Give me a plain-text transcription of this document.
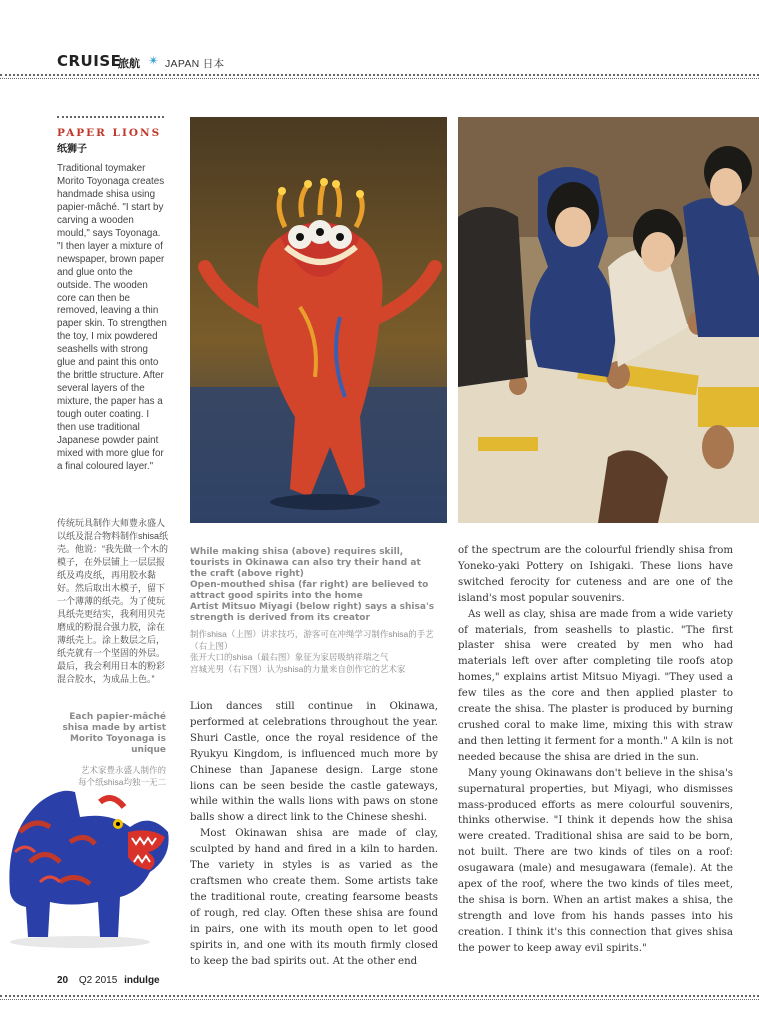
CRUISE
旅航 ✴ JAPAN 日本
PAPER LIONS
纸狮子
Traditional toymaker Morito Toyonaga creates handmade shisa using papier-mâché. "I start by carving a wooden mould," says Toyonaga. "I then layer a mixture of newspaper, brown paper and glue onto the outside. The wooden core can then be removed, leaving a thin paper skin. To strengthen the toy, I mix powdered seashells with strong glue and paint this onto the brittle structure. After several layers of the mixture, the paper has a tough outer coating. I then use traditional Japanese powder paint mixed with more glue for a final coloured layer."
传统玩具制作大师豊永盛人以纸及混合物料制作shisa纸壳。他说：“我先做一个木的模子，在外层铺上一层层报纸及鸡皮纸，再用胶水黏好。然后取出木模子，留下一个薄薄的纸壳。为了使玩具纸壳更结实，我利用贝壳磨成的粉混合强力胶，涂在薄纸壳上。涂上数层之后，纸壳就有一个坚固的外层。最后，我会利用日本的粉彩混合胶水，为成品上色。”
Each papier-mâché shisa made by artist Morito Toyonaga is unique
艺术家豊永盛人制作的每个纸shisa均独一无二
While making shisa (above) requires skill, tourists in Okinawa can also try their hand at the craft (above right)
Open-mouthed shisa (far right) are believed to attract good spirits into the home
Artist Mitsuo Miyagi (below right) says a shisa's strength is derived from its creator
制作shisa（上图）讲求技巧，游客可在冲绳学习制作shisa的手艺（右上图）
张开大口的shisa（最右图）象征为家居吸纳祥瑞之气
宫城光男（右下图）认为shisa的力量来自创作它的艺术家

Lion dances still continue in Okinawa, performed at celebrations throughout the year. Shuri Castle, once the royal residence of the Ryukyu Kingdom, is influenced much more by Chinese than Japanese design. Large stone lions can be seen beside the castle gateways, while within the walls lions with paws on stone balls show a direct link to the Chinese sheshi.

Most Okinawan shisa are made of clay, sculpted by hand and fired in a kiln to harden. The variety in styles is as varied as the craftsmen who create them. Some artists take the traditional route, creating fearsome beasts of rough, red clay. Often these shisa are found in pairs, one with its mouth open to let good spirits in, and one with its mouth firmly closed to keep the bad spirits out. At the other end

of the spectrum are the colourful friendly shisa from Yoneko-yaki Pottery on Ishigaki. These lions have switched ferocity for cuteness and are one of the island's most popular souvenirs.

As well as clay, shisa are made from a wide variety of materials, from seashells to plastic. "The first plaster shisa were created by men who had materials left over after completing tile roofs atop homes," explains artist Mitsuo Miyagi. "They used a few tiles as the core and then applied plaster to create the shisa. The plaster is produced by burning crushed coral to make lime, mixing this with straw and then letting it ferment for a month." A kiln is not needed because the shisa are dried in the sun.

Many young Okinawans don't believe in the shisa's supernatural properties, but Miyagi, who dismisses mass-produced efforts as mere colourful souvenirs, thinks otherwise. "I think it depends how the shisa were created. Traditional shisa are said to be born, not built. There are two kinds of tiles on a roof: osugawara (male) and mesugawara (female). At the apex of the roof, where the two kinds of tiles meet, the shisa is born. When an artist makes a shisa, the strength and love from his hands passes into his creation. I think it's this connection that gives shisa the power to keep away evil spirits."

20 Q2 2015 indulge
